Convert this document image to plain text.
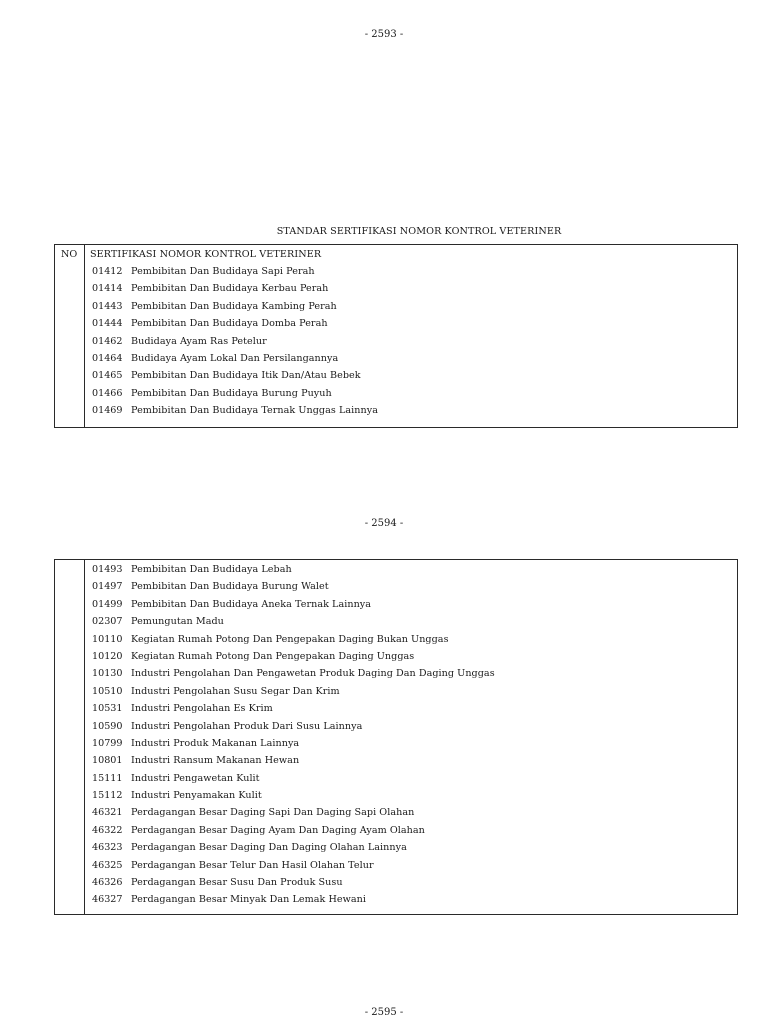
- 2593 -
STANDAR SERTIFIKASI NOMOR KONTROL VETERINER
NO SERTIFIKASI NOMOR KONTROL VETERINER
01412 Pembibitan Dan Budidaya Sapi Perah
01414 Pembibitan Dan Budidaya Kerbau Perah
01443 Pembibitan Dan Budidaya Kambing Perah
01444 Pembibitan Dan Budidaya Domba Perah
01462 Budidaya Ayam Ras Petelur
01464 Budidaya Ayam Lokal Dan Persilangannya
01465 Pembibitan Dan Budidaya Itik Dan/Atau Bebek
01466 Pembibitan Dan Budidaya Burung Puyuh
01469 Pembibitan Dan Budidaya Ternak Unggas Lainnya
- 2594 -
01493 Pembibitan Dan Budidaya Lebah
01497 Pembibitan Dan Budidaya Burung Walet
01499 Pembibitan Dan Budidaya Aneka Ternak Lainnya
02307 Pemungutan Madu
10110 Kegiatan Rumah Potong Dan Pengepakan Daging Bukan Unggas
10120 Kegiatan Rumah Potong Dan Pengepakan Daging Unggas
10130 Industri Pengolahan Dan Pengawetan Produk Daging Dan Daging Unggas
10510 Industri Pengolahan Susu Segar Dan Krim
10531 Industri Pengolahan Es Krim
10590 Industri Pengolahan Produk Dari Susu Lainnya
10799 Industri Produk Makanan Lainnya
10801 Industri Ransum Makanan Hewan
15111 Industri Pengawetan Kulit
15112 Industri Penyamakan Kulit
46321 Perdagangan Besar Daging Sapi Dan Daging Sapi Olahan
46322 Perdagangan Besar Daging Ayam Dan Daging Ayam Olahan
46323 Perdagangan Besar Daging Dan Daging Olahan Lainnya
46325 Perdagangan Besar Telur Dan Hasil Olahan Telur
46326 Perdagangan Besar Susu Dan Produk Susu
46327 Perdagangan Besar Minyak Dan Lemak Hewani
- 2595 -
